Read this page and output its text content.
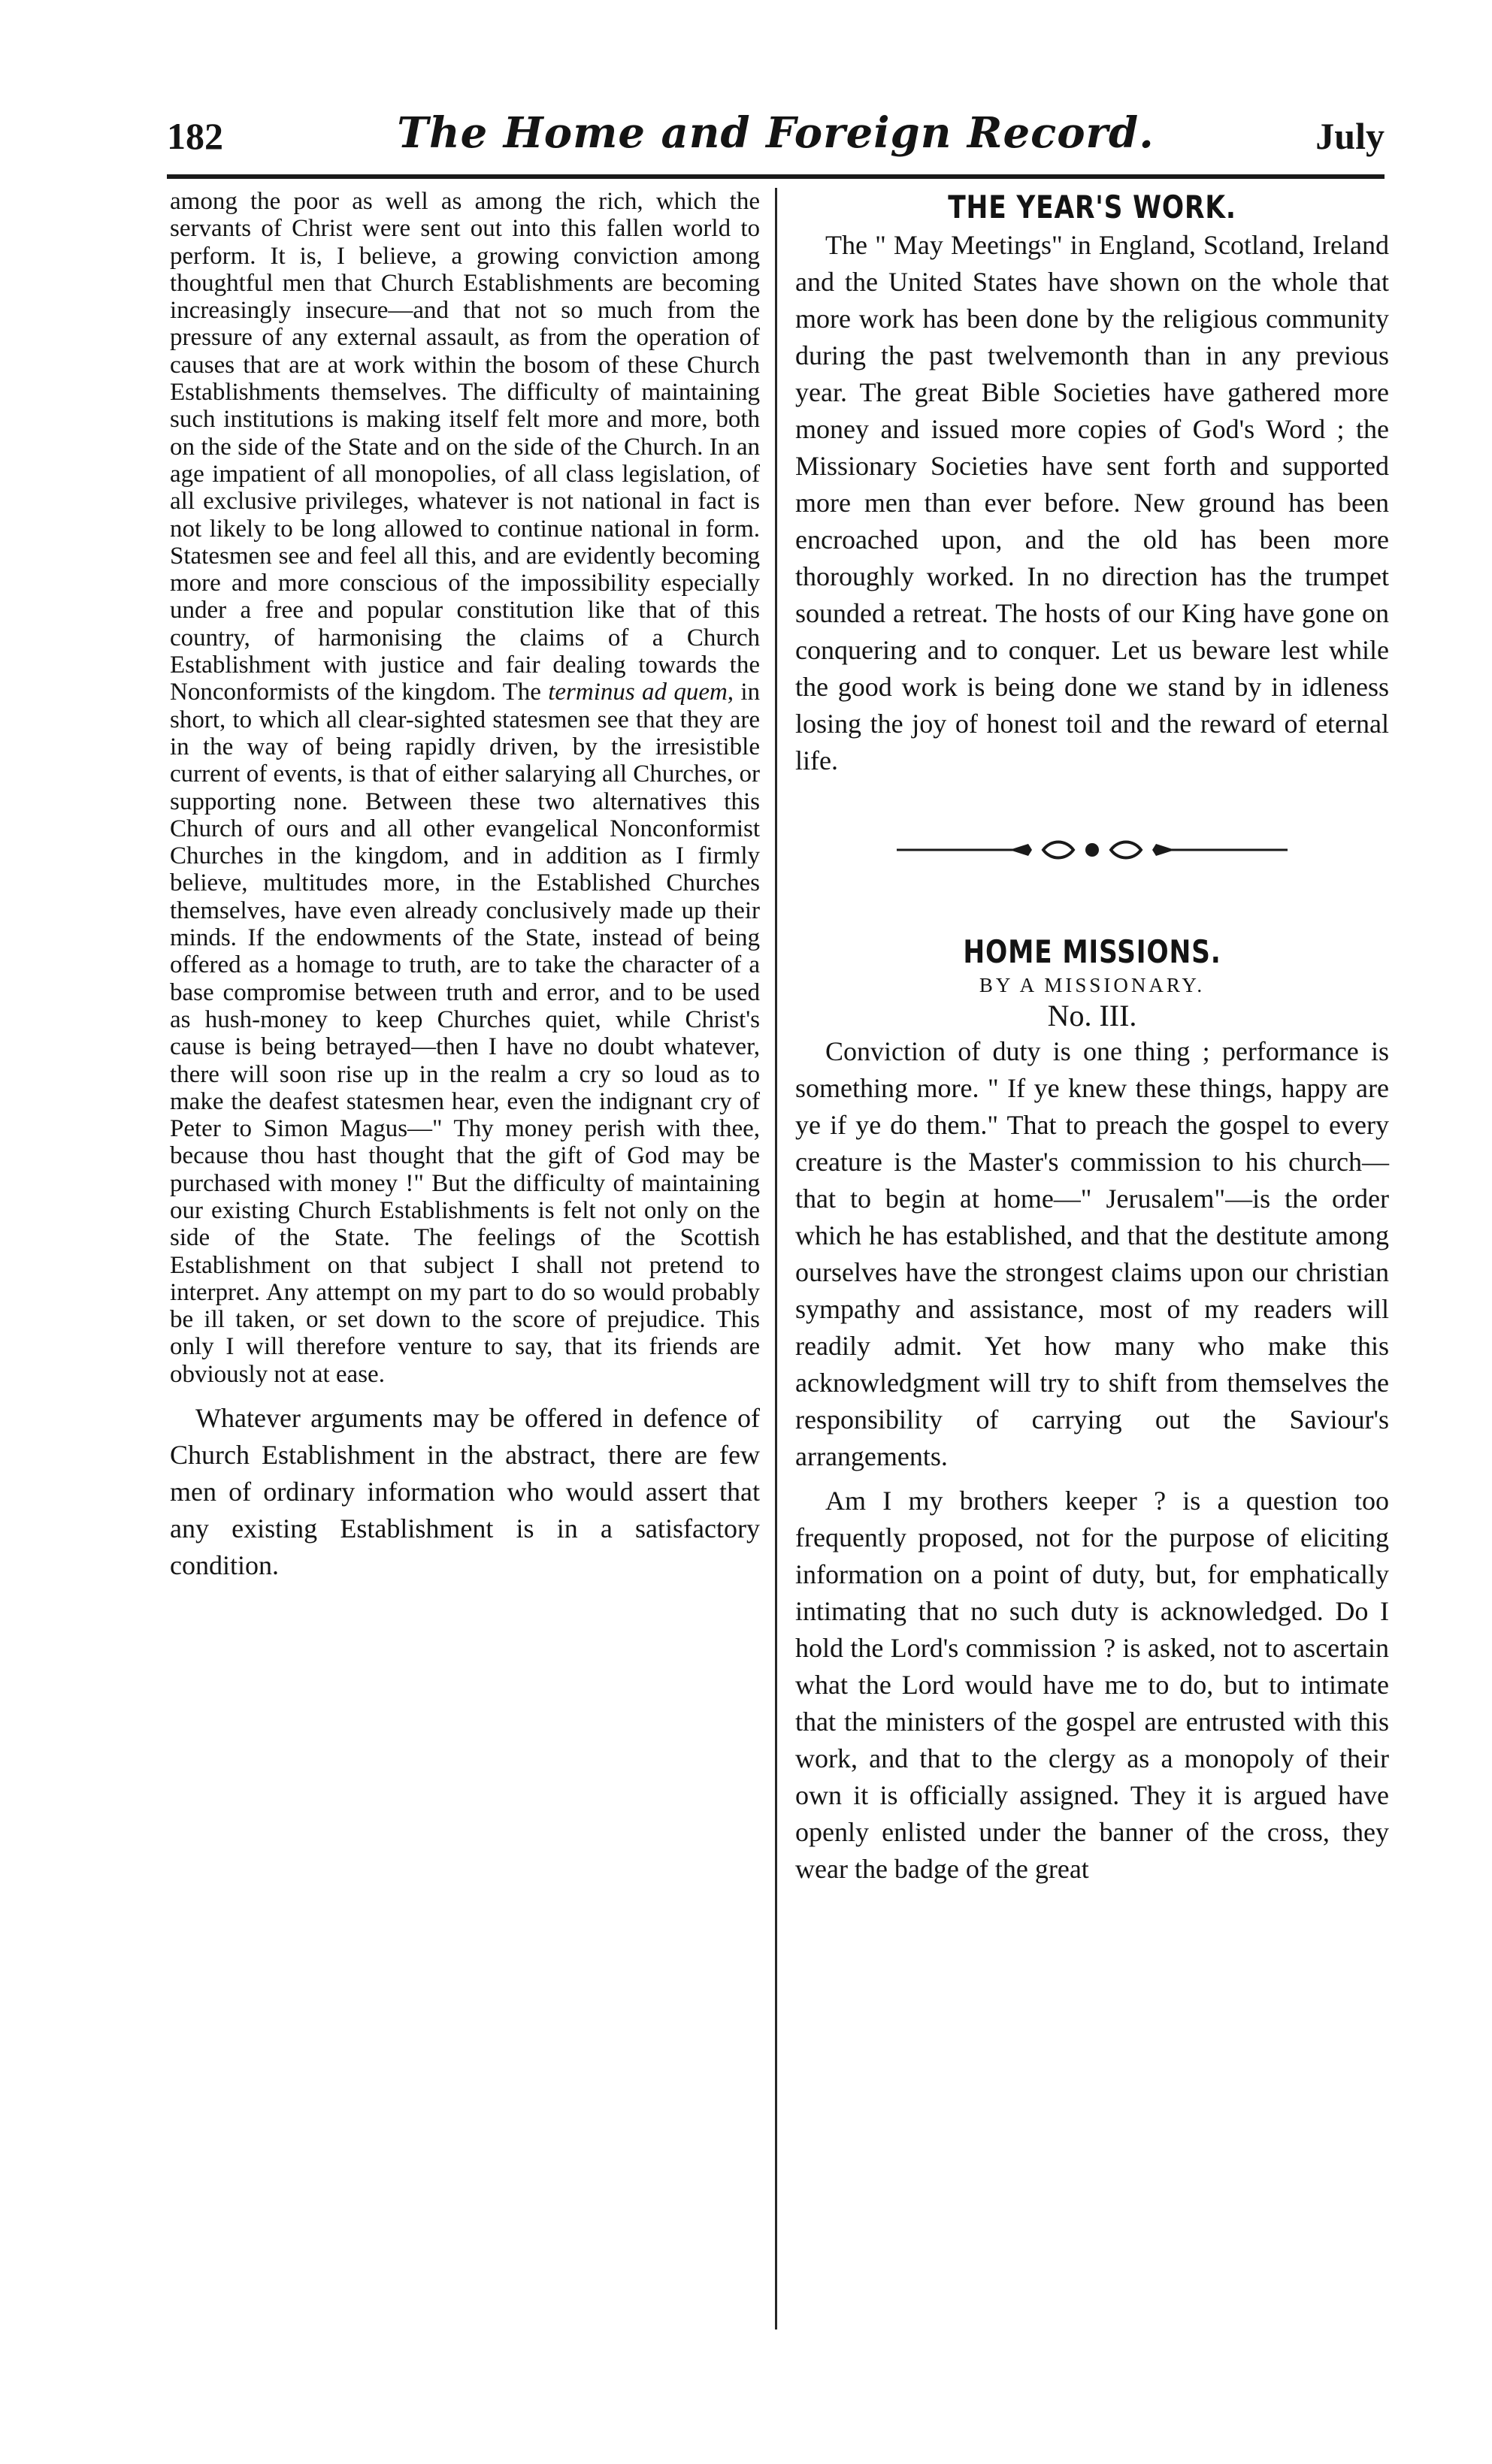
182	The Home and Foreign Record.	July

among the poor as well as among the rich, which the servants of Christ were sent out into this fallen world to perform. It is, I believe, a growing conviction among thoughtful men that Church Establishments are becoming increasingly insecure—and that not so much from the pressure of any external assault, as from the operation of causes that are at work within the bosom of these Church Establishments themselves. The difficulty of maintaining such institutions is making itself felt more and more, both on the side of the State and on the side of the Church. In an age impatient of all monopolies, of all class legislation, of all exclusive privileges, whatever is not national in fact is not likely to be long allowed to continue national in form. Statesmen see and feel all this, and are evidently becoming more and more conscious of the impossibility especially under a free and popular constitution like that of this country, of harmonising the claims of a Church Establishment with justice and fair dealing towards the Nonconformists of the kingdom. The terminus ad quem, in short, to which all clear-sighted statesmen see that they are in the way of being rapidly driven, by the irresistible current of events, is that of either salarying all Churches, or supporting none. Between these two alternatives this Church of ours and all other evangelical Nonconformist Churches in the kingdom, and in addition as I firmly believe, multitudes more, in the Established Churches themselves, have even already conclusively made up their minds. If the endowments of the State, instead of being offered as a homage to truth, are to take the character of a base compromise between truth and error, and to be used as hush-money to keep Churches quiet, while Christ's cause is being betrayed—then I have no doubt whatever, there will soon rise up in the realm a cry so loud as to make the deafest statesmen hear, even the indignant cry of Peter to Simon Magus—" Thy money perish with thee, because thou hast thought that the gift of God may be purchased with money !" But the difficulty of maintaining our existing Church Establishments is felt not only on the side of the State. The feelings of the Scottish Establishment on that subject I shall not pretend to interpret. Any attempt on my part to do so would probably be ill taken, or set down to the score of prejudice. This only I will therefore venture to say, that its friends are obviously not at ease.

Whatever arguments may be offered in defence of Church Establishment in the abstract, there are few men of ordinary information who would assert that any existing Establishment is in a satisfactory condition.

THE YEAR'S WORK.

The " May Meetings" in England, Scotland, Ireland and the United States have shown on the whole that more work has been done by the religious community during the past twelvemonth than in any previous year. The great Bible Societies have gathered more money and issued more copies of God's Word ; the Missionary Societies have sent forth and supported more men than ever before. New ground has been encroached upon, and the old has been more thoroughly worked. In no direction has the trumpet sounded a retreat. The hosts of our King have gone on conquering and to conquer. Let us beware lest while the good work is being done we stand by in idleness losing the joy of honest toil and the reward of eternal life.

HOME MISSIONS.

BY A MISSIONARY.

No. III.

Conviction of duty is one thing ; performance is something more. " If ye knew these things, happy are ye if ye do them." That to preach the gospel to every creature is the Master's commission to his church—that to begin at home—" Jerusalem"—is the order which he has established, and that the destitute among ourselves have the strongest claims upon our christian sympathy and assistance, most of my readers will readily admit. Yet how many who make this acknowledgment will try to shift from themselves the responsibility of carrying out the Saviour's arrangements.

Am I my brothers keeper ? is a question too frequently proposed, not for the purpose of eliciting information on a point of duty, but, for emphatically intimating that no such duty is acknowledged. Do I hold the Lord's commission ? is asked, not to ascertain what the Lord would have me to do, but to intimate that the ministers of the gospel are entrusted with this work, and that to the clergy as a monopoly of their own it is officially assigned. They it is argued have openly enlisted under the banner of the cross, they wear the badge of the great
